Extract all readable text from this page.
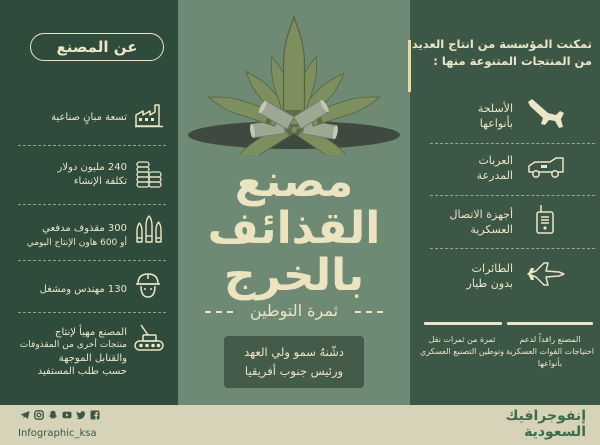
عن المصنع
تسعة مبانٍ صناعية
240 مليون دولار
تكلفة الإنشاء
300 مقذوف مدفعي
أو 600 هاون الإنتاج اليومي
130 مهندس ومشغل
المصنع مهيأ لإنتاج
منتجات أخرى من المقذوفات
والقنابل الموجهة
حسب طلب المستفيد
مصنع
القذائف
بالخرج
ثمرة التوطين
دشّنهُ سمو ولي العهد
ورئيس جنوب أفريقيا
تمكنت المؤسسة من انتاج العديد
من المنتجات المتنوعة منها :
الأسلحة
بأنواعها
العربات
المدرعة
أجهزة الاتصال
العسكرية
الطائرات
بدون طيار
المصنع رافداً لدعم
احتياجات القوات العسكرية
بأنواعها
ثمرة من ثمرات نقل
وتوطين التصنيع العسكري
Infographic_ksa
إنفوجرافيك
السعودية
